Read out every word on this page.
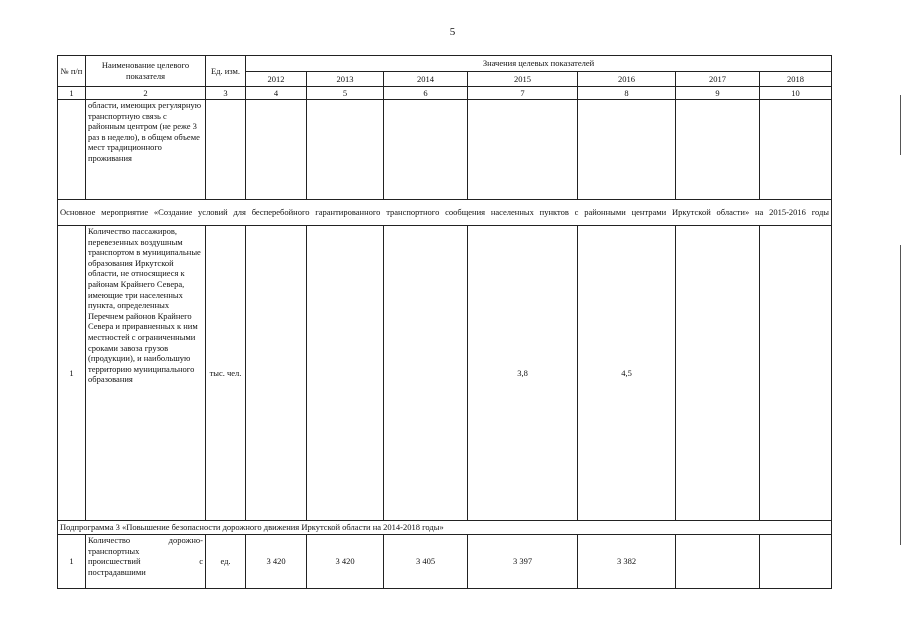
5
№ п/п	Наименование целевого показателя	Ед. изм.	Значения целевых показателей						
			2012	2013	2014	2015	2016	2017	2018
1	2	3	4	5	6	7	8	9	10
	области, имеющих регулярную транспортную связь с районным центром (не реже 3 раз в неделю), в общем объеме мест традиционного проживания								
Основное мероприятие «Создание условий для бесперебойного гарантированного транспортного сообщения населенных пунктов с районными центрами Иркутской области» на 2015-2016 годы									
1	Количество пассажиров, перевезенных воздушным транспортом в муниципальные образования Иркутской области, не относящиеся к районам Крайнего Севера, имеющие три населенных пункта, определенных Перечнем районов Крайнего Севера и приравненных к ним местностей с ограниченными сроками завоза грузов (продукции), и наибольшую территорию муниципального образования	тыс. чел.				3,8	4,5		
Подпрограмма 3 «Повышение безопасности дорожного движения Иркутской области на 2014-2018 годы»									
1	Количество дорожно-
транспортных
происшествий с
пострадавшими	ед.	3 420	3 420	3 405	3 397	3 382		
